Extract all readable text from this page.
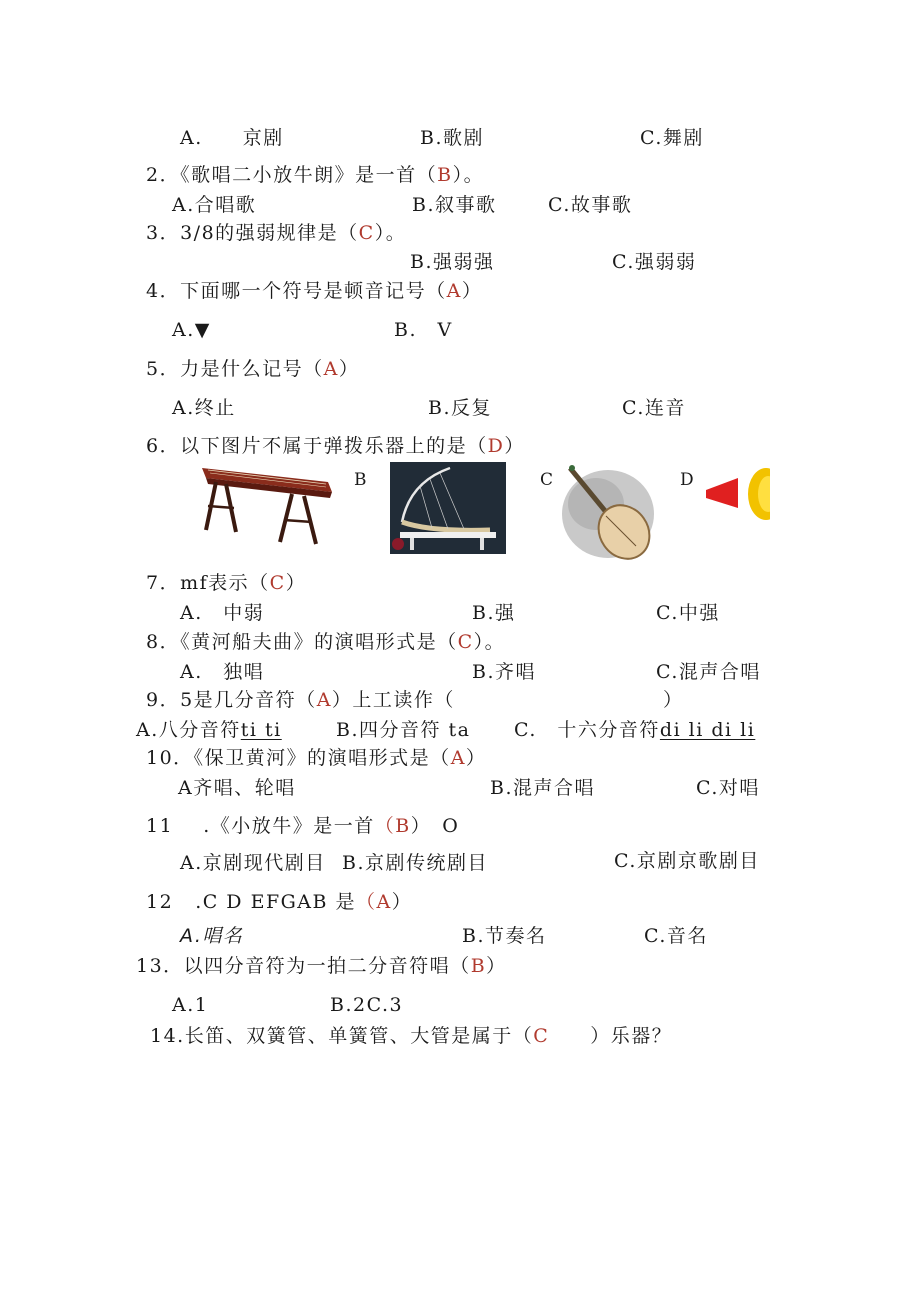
A. 京剧	B.歌剧	C.舞剧
2．《歌唱二小放牛朗》是一首（B）。
A.合唱歌	B.叙事歌	C.故事歌
3．3/8的强弱规律是（C）。
B.强弱强	C.强弱弱
4．下面哪一个符号是顿音记号（A）
A.▼	B.　V
5．力是什么记号（A）
A.终止	B.反复	C.连音
6．以下图片不属于弹拨乐器上的是（D）
B	C	D
7．mf表示（C）
A.　中弱	B.强	C.中强
8．《黄河船夫曲》的演唱形式是（C）。
A.　独唱	B.齐唱	C.混声合唱
9．5是几分音符（A）上工读作（	）
A.八分音符ti ti	B.四分音符 ta C.　十六分音符di li di li
10．《保卫黄河》的演唱形式是（A）
A齐唱、轮唱	B.混声合唱	C.对唱
11 .《小放牛》是一首（B）　O
A.京剧现代剧目 B.京剧传统剧目	C.京剧京歌剧目
12 .C D EFGAB 是（A）
A.唱名	B.节奏名	C.音名
13．以四分音符为一拍二分音符唱（B）
A.1	B.2C.3
14.长笛、双簧管、单簧管、大管是属于（C　　）乐器？
